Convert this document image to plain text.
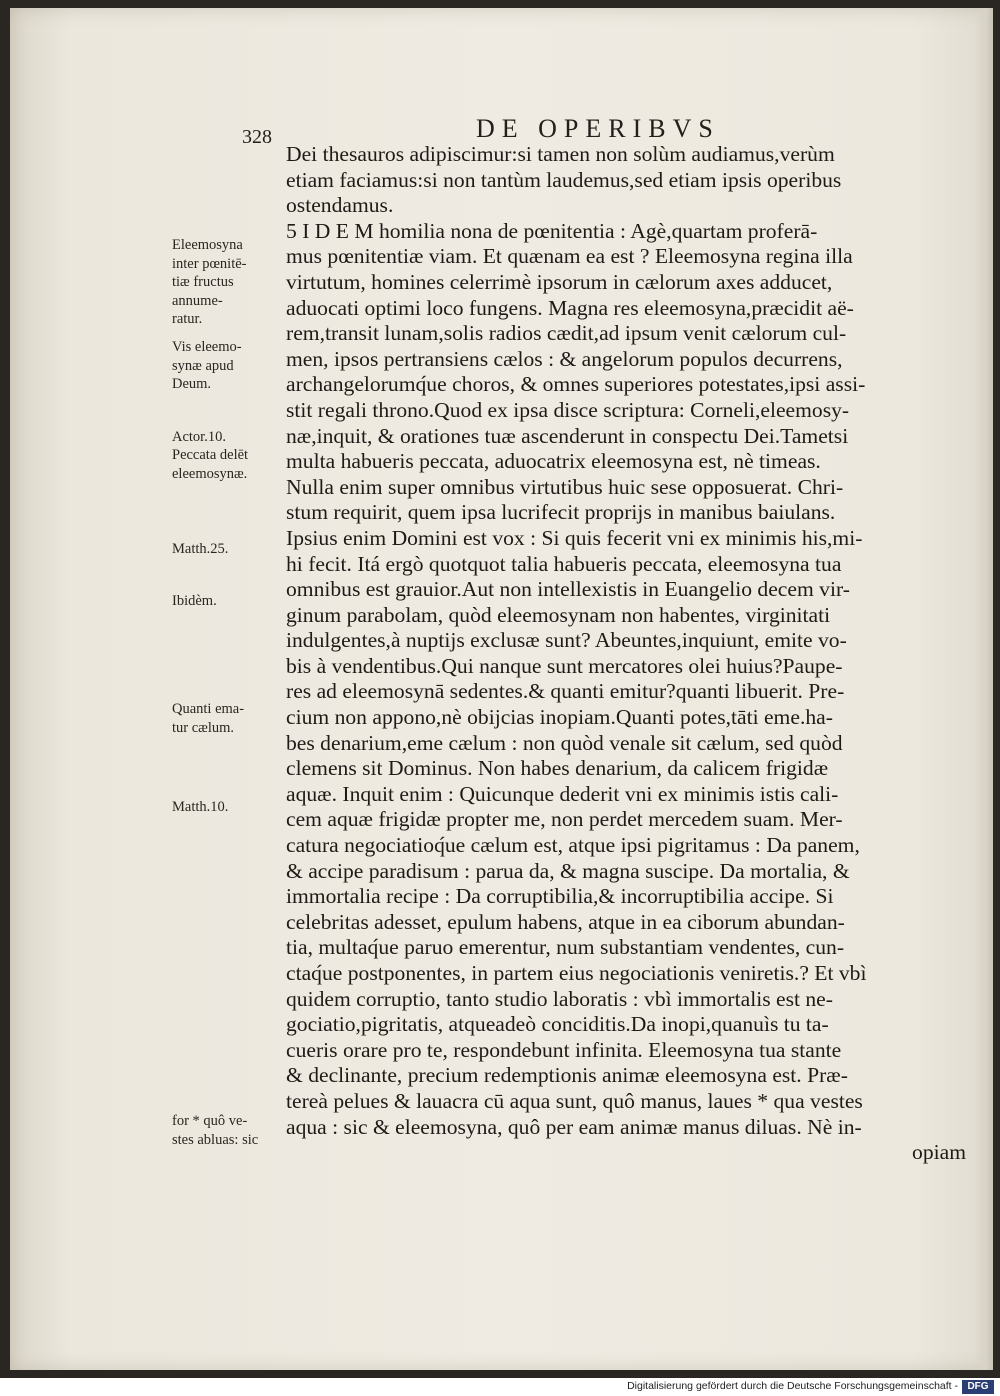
328	DE OPERIBVS
Dei thesauros adipiscimur:si tamen non solùm audiamus,verùm
etiam faciamus:si non tantùm laudemus,sed etiam ipsis operibus
ostendamus.
5 I D E M homilia nona de pœnitentia : Agè,quartam proferā-
mus pœnitentiæ viam. Et quænam ea est ? Eleemosyna regina illa
virtutum, homines celerrimè ipsorum in cælorum axes adducet,
aduocati optimi loco fungens. Magna res eleemosyna,præcidit aë-
rem,transit lunam,solis radios cædit,ad ipsum venit cælorum cul-
men, ipsos pertransiens cælos : & angelorum populos decurrens,
archangelorumq́ue choros, & omnes superiores potestates,ipsi assi-
stit regali throno.Quod ex ipsa disce scriptura: Corneli,eleemosy-
næ,inquit, & orationes tuæ ascenderunt in conspectu Dei.Tametsi
multa habueris peccata, aduocatrix eleemosyna est, nè timeas.
Nulla enim super omnibus virtutibus huic sese opposuerat. Chri-
stum requirit, quem ipsa lucrifecit proprijs in manibus baiulans.
Ipsius enim Domini est vox : Si quis fecerit vni ex minimis his,mi-
hi fecit. Itá ergò quotquot talia habueris peccata, eleemosyna tua
omnibus est grauior.Aut non intellexistis in Euangelio decem vir-
ginum parabolam, quòd eleemosynam non habentes, virginitati
indulgentes,à nuptijs exclusæ sunt? Abeuntes,inquiunt, emite vo-
bis à vendentibus.Qui nanque sunt mercatores olei huius?Paupe-
res ad eleemosynā sedentes.& quanti emitur?quanti libuerit. Pre-
cium non appono,nè obijcias inopiam.Quanti potes,tāti eme.ha-
bes denarium,eme cælum : non quòd venale sit cælum, sed quòd
clemens sit Dominus. Non habes denarium, da calicem frigidæ
aquæ. Inquit enim : Quicunque dederit vni ex minimis istis cali-
cem aquæ frigidæ propter me, non perdet mercedem suam. Mer-
catura negociatioq́ue cælum est, atque ipsi pigritamus : Da panem,
& accipe paradisum : parua da, & magna suscipe. Da mortalia, &
immortalia recipe : Da corruptibilia,& incorruptibilia accipe. Si
celebritas adesset, epulum habens, atque in ea ciborum abundan-
tia, multaq́ue paruo emerentur, num substantiam vendentes, cun-
ctaq́ue postponentes, in partem eius negociationis veniretis.? Et vbì
quidem corruptio, tanto studio laboratis : vbì immortalis est ne-
gociatio,pigritatis, atqueadeò conciditis.Da inopi,quanuìs tu ta-
cueris orare pro te, respondebunt infinita. Eleemosyna tua stante
& declinante, precium redemptionis animæ eleemosyna est. Præ-
tereà pelues & lauacra cū aqua sunt, quô manus, laues * qua vestes
aqua : sic & eleemosyna, quô per eam animæ manus diluas. Nè in-
opiam
Eleemosyna
inter pœnitē-
tiæ fructus
annume-
ratur.
Vis eleemo-
synæ apud
Deum.
Actor.10.
Peccata delēt
eleemosynæ.
Matth.25.
Ibidèm.
Quanti ema-
tur cælum.
Matth.10.
for * quô ve-
stes abluas: sic
Digitalisierung gefördert durch die Deutsche Forschungsgemeinschaft - DFG
